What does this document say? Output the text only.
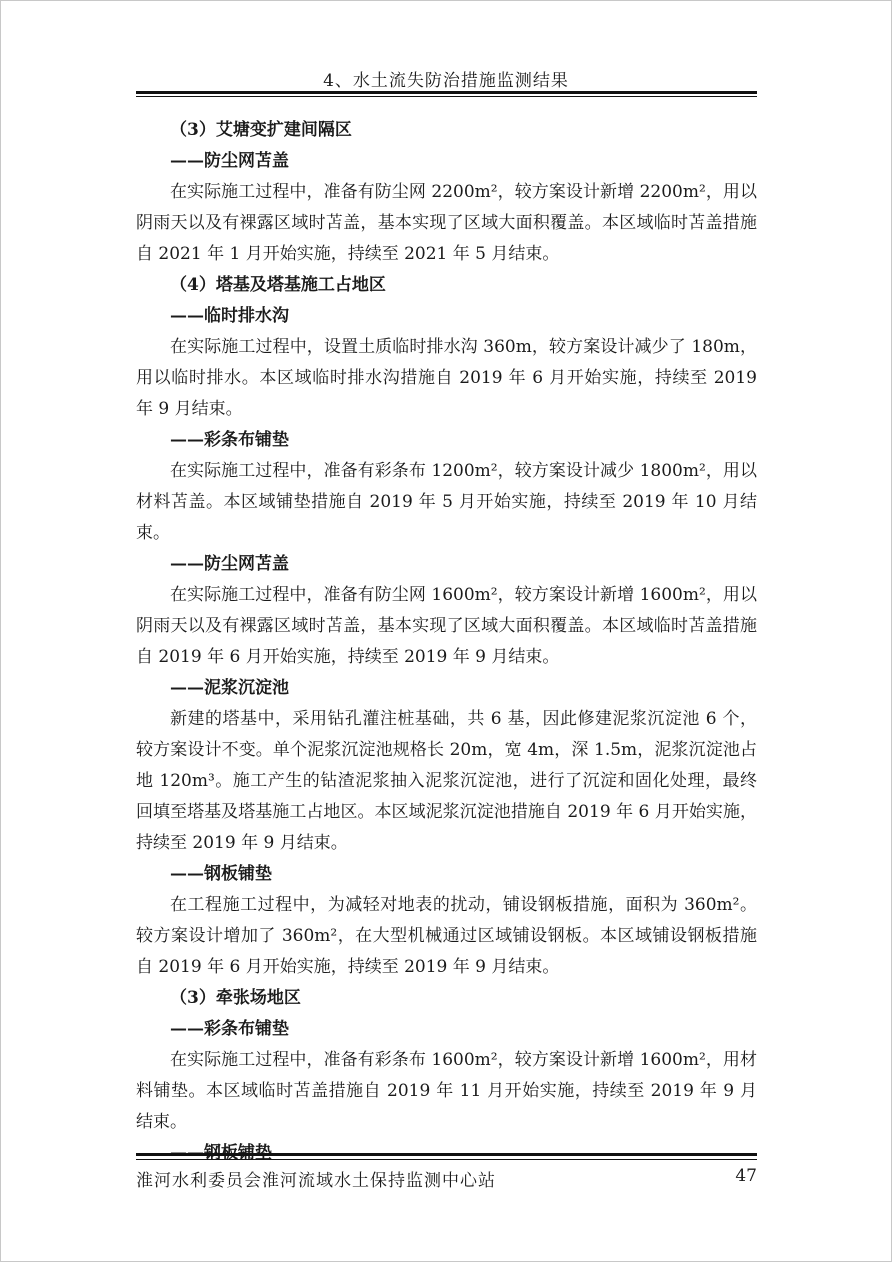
4、水土流失防治措施监测结果
（3）艾塘变扩建间隔区
——防尘网苫盖
在实际施工过程中，准备有防尘网 2200m²，较方案设计新增 2200m²，用以阴雨天以及有裸露区域时苫盖，基本实现了区域大面积覆盖。本区域临时苫盖措施自 2021 年 1 月开始实施，持续至 2021 年 5 月结束。
（4）塔基及塔基施工占地区
——临时排水沟
在实际施工过程中，设置土质临时排水沟 360m，较方案设计减少了 180m，用以临时排水。本区域临时排水沟措施自 2019 年 6 月开始实施，持续至 2019 年 9 月结束。
——彩条布铺垫
在实际施工过程中，准备有彩条布 1200m²，较方案设计减少 1800m²，用以材料苫盖。本区域铺垫措施自 2019 年 5 月开始实施，持续至 2019 年 10 月结束。
——防尘网苫盖
在实际施工过程中，准备有防尘网 1600m²，较方案设计新增 1600m²，用以阴雨天以及有裸露区域时苫盖，基本实现了区域大面积覆盖。本区域临时苫盖措施自 2019 年 6 月开始实施，持续至 2019 年 9 月结束。
——泥浆沉淀池
新建的塔基中，采用钻孔灌注桩基础，共 6 基，因此修建泥浆沉淀池 6 个，较方案设计不变。单个泥浆沉淀池规格长 20m，宽 4m，深 1.5m，泥浆沉淀池占地 120m³。施工产生的钻渣泥浆抽入泥浆沉淀池，进行了沉淀和固化处理，最终回填至塔基及塔基施工占地区。本区域泥浆沉淀池措施自 2019 年 6 月开始实施，持续至 2019 年 9 月结束。
——钢板铺垫
在工程施工过程中，为减轻对地表的扰动，铺设钢板措施，面积为 360m²。较方案设计增加了 360m²，在大型机械通过区域铺设钢板。本区域铺设钢板措施自 2019 年 6 月开始实施，持续至 2019 年 9 月结束。
（3）牵张场地区
——彩条布铺垫
在实际施工过程中，准备有彩条布 1600m²，较方案设计新增 1600m²，用材料铺垫。本区域临时苫盖措施自 2019 年 11 月开始实施，持续至 2019 年 9 月结束。
淮河水利委员会淮河流域水土保持监测中心站	47
